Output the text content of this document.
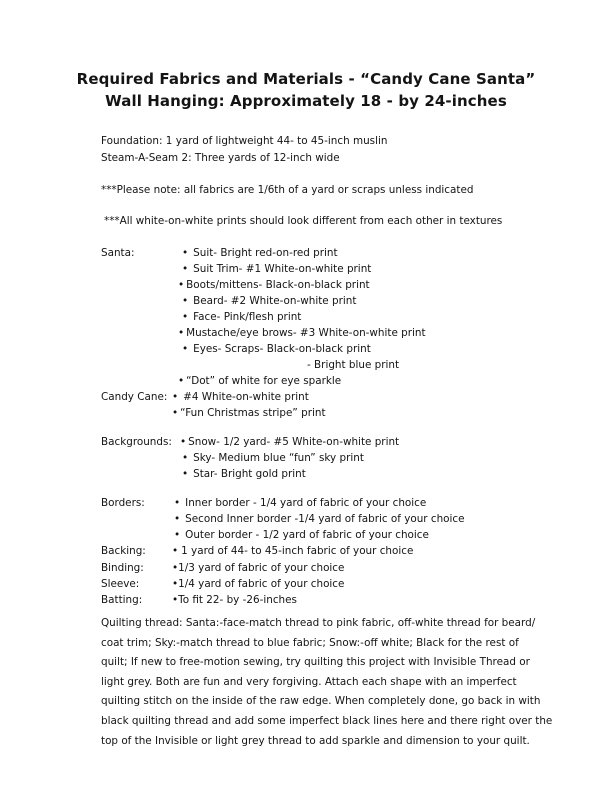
Required Fabrics and Materials - “Candy Cane Santa”
Wall Hanging: Approximately 18 - by 24-inches
Foundation: 1 yard of lightweight 44- to 45-inch muslin
Steam-A-Seam 2: Three yards of 12-inch wide
***Please note: all fabrics are 1/6th of a yard or scraps unless indicated
***All white-on-white prints should look different from each other in textures
Santa:	• Suit- Bright red-on-red print
• Suit Trim- #1 White-on-white print
• Boots/mittens- Black-on-black print
• Beard- #2 White-on-white print
• Face- Pink/flesh print
• Mustache/eye brows- #3 White-on-white print
• Eyes- Scraps- Black-on-black print
- Bright blue print
• “Dot” of white for eye sparkle
Candy Cane: • #4 White-on-white print
• “Fun Christmas stripe” print
Backgrounds: • Snow- 1/2 yard- #5 White-on-white print
• Sky- Medium blue “fun” sky print
• Star- Bright gold print
Borders:	• Inner border - 1/4 yard of fabric of your choice
• Second Inner border -1/4 yard of fabric of your choice
• Outer border - 1/2 yard of fabric of your choice
Backing:	• 1 yard of 44- to 45-inch fabric of your choice
Binding:	•1/3 yard of fabric of your choice
Sleeve:	•1/4 yard of fabric of your choice
Batting:	•To fit 22- by -26-inches
Quilting thread: Santa:-face-match thread to pink fabric, off-white thread for beard/
coat trim; Sky:-match thread to blue fabric; Snow:-off white; Black for the rest of
quilt; If new to free-motion sewing, try quilting this project with Invisible Thread or
light grey. Both are fun and very forgiving. Attach each shape with an imperfect
quilting stitch on the inside of the raw edge. When completely done, go back in with
black quilting thread and add some imperfect black lines here and there right over the
top of the Invisible or light grey thread to add sparkle and dimension to your quilt.
